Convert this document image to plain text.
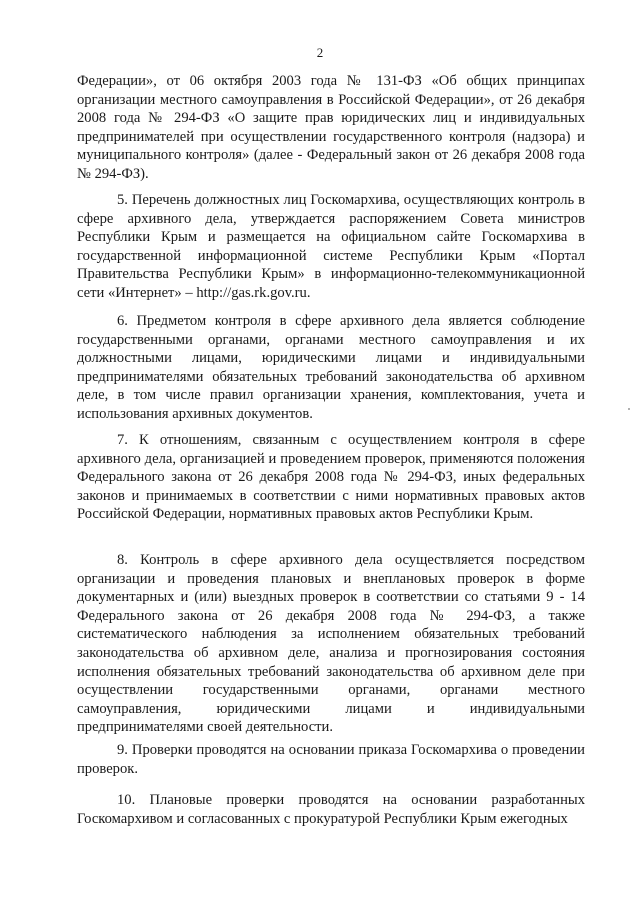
2

Федерации», от 06 октября 2003 года № 131-ФЗ «Об общих принципах организации местного самоуправления в Российской Федерации», от 26 декабря 2008 года № 294-ФЗ «О защите прав юридических лиц и индивидуальных предпринимателей при осуществлении государственного контроля (надзора) и муниципального контроля» (далее - Федеральный закон от 26 декабря 2008 года № 294-ФЗ).

5. Перечень должностных лиц Госкомархива, осуществляющих контроль в сфере архивного дела, утверждается распоряжением Совета министров Республики Крым и размещается на официальном сайте Госкомархива в государственной информационной системе Республики Крым «Портал Правительства Республики Крым» в информационно-телекоммуникационной сети «Интернет» – http://gas.rk.gov.ru.

6. Предметом контроля в сфере архивного дела является соблюдение государственными органами, органами местного самоуправления и их должностными лицами, юридическими лицами и индивидуальными предпринимателями обязательных требований законодательства об архивном деле, в том числе правил организации хранения, комплектования, учета и использования архивных документов.

7. К отношениям, связанным с осуществлением контроля в сфере архивного дела, организацией и проведением проверок, применяются положения Федерального закона от 26 декабря 2008 года № 294-ФЗ, иных федеральных законов и принимаемых в соответствии с ними нормативных правовых актов Российской Федерации, нормативных правовых актов Республики Крым.

8. Контроль в сфере архивного дела осуществляется посредством организации и проведения плановых и внеплановых проверок в форме документарных и (или) выездных проверок в соответствии со статьями 9 - 14 Федерального закона от 26 декабря 2008 года № 294-ФЗ, а также систематического наблюдения за исполнением обязательных требований законодательства об архивном деле, анализа и прогнозирования состояния исполнения обязательных требований законодательства об архивном деле при осуществлении государственными органами, органами местного самоуправления, юридическими лицами и индивидуальными предпринимателями своей деятельности.

9. Проверки проводятся на основании приказа Госкомархива о проведении проверок.

10. Плановые проверки проводятся на основании разработанных Госкомархивом и согласованных с прокуратурой Республики Крым ежегодных
